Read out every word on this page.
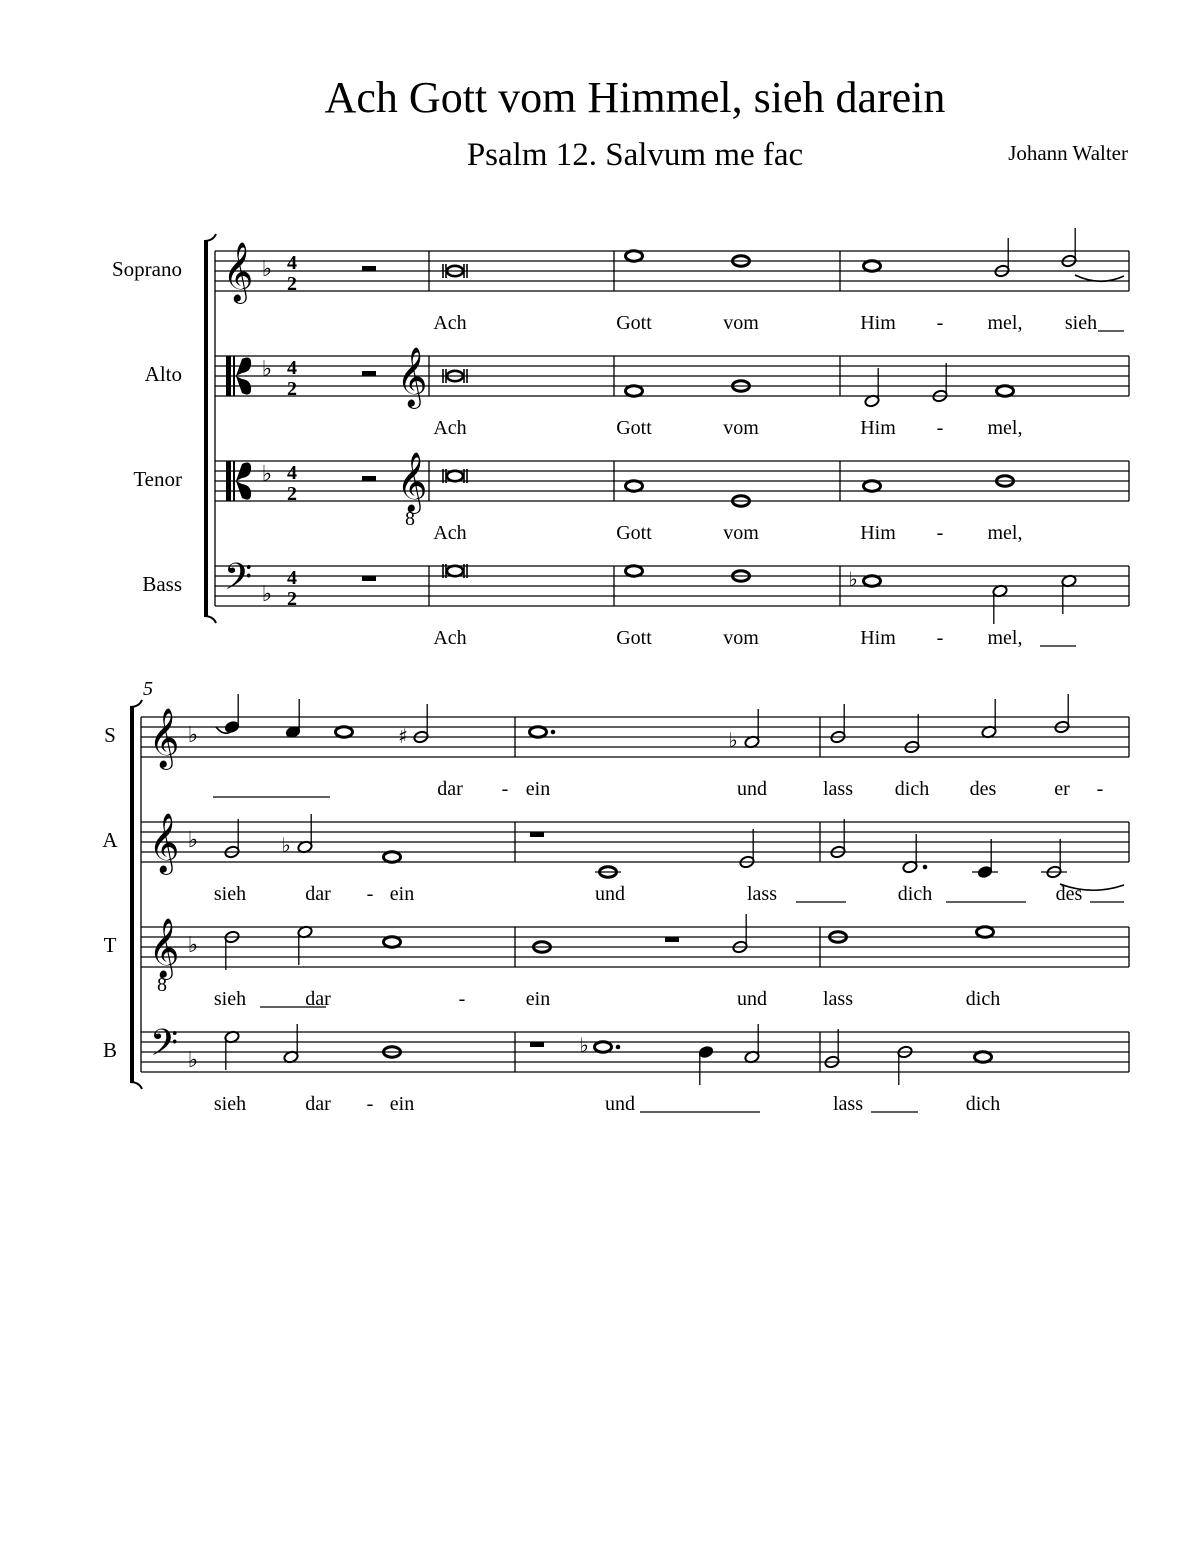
Ach Gott vom Himmel, sieh darein
Psalm 12. Salvum me fac	Johann Walter
Soprano 𝄞 ♭ 4
2
Ach	Gott	vom	Him - mel, sieh
Alto	♭ 4
2 𝄞
Ach	Gott	vom	Him - mel,
Tenor	♭ 4
2 𝄞
8
Ach	Gott	vom	Him - mel,
Bass 𝄢 ♭
4
2
♭
Ach	Gott	vom	Him - mel,
S 𝄞 ♭	♯	♭
dar - ein	und	lass dich des	er -
A 𝄞 ♭	♭
sieh	dar - ein	und	lass	dich	des
T 𝄞
8
♭
sieh	dar	-	ein	und	lass	dich
B 𝄢 ♭
♭
sieh	dar - ein	und	lass	dich
5
